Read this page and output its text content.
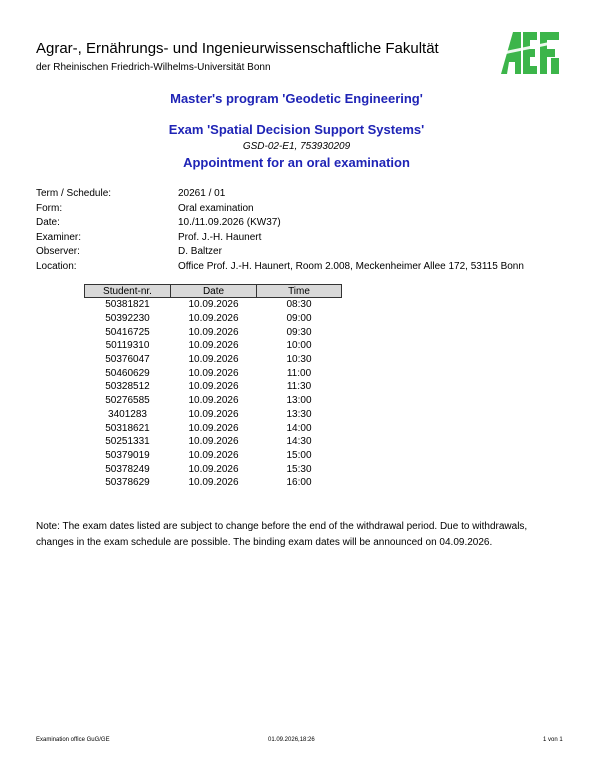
Agrar-, Ernährungs- und Ingenieurwissenschaftliche Fakultät
der Rheinischen Friedrich-Wilhelms-Universität Bonn
Master's program 'Geodetic Engineering'
Exam 'Spatial Decision Support Systems'
GSD-02-E1, 753930209
Appointment for an oral examination
Term / Schedule:	20261 / 01
Form:	Oral examination
Date:	10./11.09.2026 (KW37)
Examiner:	Prof. J.-H. Haunert
Observer:	D. Baltzer
Location:	Office Prof. J.-H. Haunert, Room 2.008, Meckenheimer Allee 172, 53115 Bonn
Student-nr.	Date	Time
50381821	10.09.2026	08:30
50392230	10.09.2026	09:00
50416725	10.09.2026	09:30
50119310	10.09.2026	10:00
50376047	10.09.2026	10:30
50460629	10.09.2026	11:00
50328512	10.09.2026	11:30
50276585	10.09.2026	13:00
3401283	10.09.2026	13:30
50318621	10.09.2026	14:00
50251331	10.09.2026	14:30
50379019	10.09.2026	15:00
50378249	10.09.2026	15:30
50378629	10.09.2026	16:00
Note: The exam dates listed are subject to change before the end of the withdrawal period. Due to withdrawals, changes in the exam schedule are possible. The binding exam dates will be announced on 04.09.2026.
Examination office GuG/GE	01.09.2026,18:26	1 von 1
